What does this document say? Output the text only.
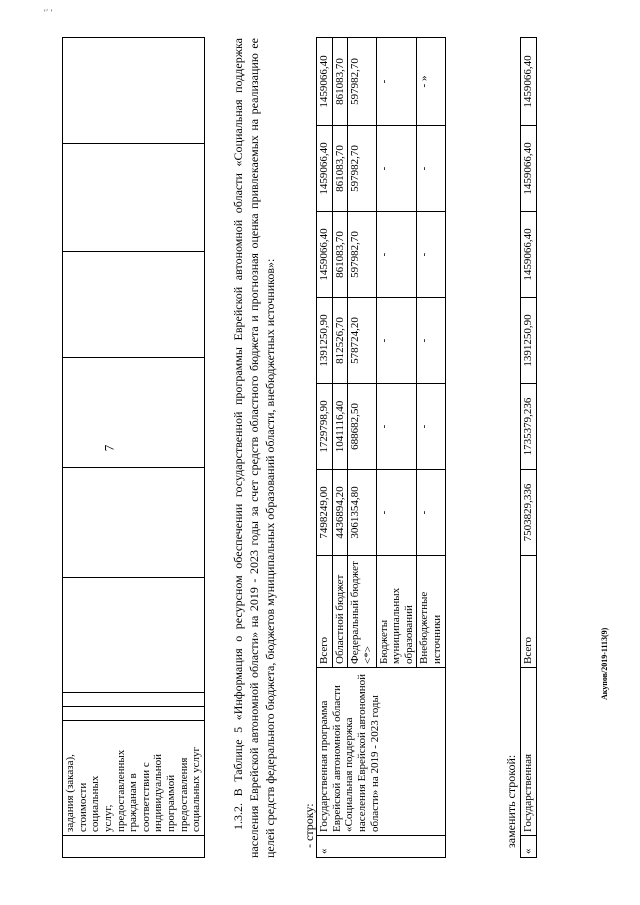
'´ '
7
Акупов/2019-1113(9)
	задания (заказа),
стоимости социальных
услуг,
предоставленных
гражданам в
соответствии с
индивидуальной
программой
предоставления
социальных услуг								1.3.2. В Таблице 5 «Информация о ресурсном обеспечении государственной программы Еврейской автономной области «Социальная поддержка населения Еврейской автономной области» на 2019 - 2023 годы за счет средств областного бюджета и прогнозная оценка привлекаемых на реализацию ее целей средств федерального бюджета, бюджетов муниципальных образований области, внебюджетных источников»: - строку:
«	Государственная программа Еврейской автономной области «Социальная поддержка населения Еврейской автономной области» на 2019 - 2023 годы	Всего	7498249,00	1729798,90	1391250,90	1459066,40	1459066,40	1459066,40
		Областной бюджет	4436894,20	1041116,40	812526,70	861083,70	861083,70	861083,70
		Федеральный бюджет <*>	3061354,80	688682,50	578724,20	597982,70	597982,70	597982,70
		Бюджеты муниципальных образований	-	-	-	-	-	-
		Внебюджетные источники	-	-	-	-	-	- »
заменить строкой:
«	Государственная	Всего	7503829,336	1735379,236	1391250,90	1459066,40	1459066,40	1459066,40
